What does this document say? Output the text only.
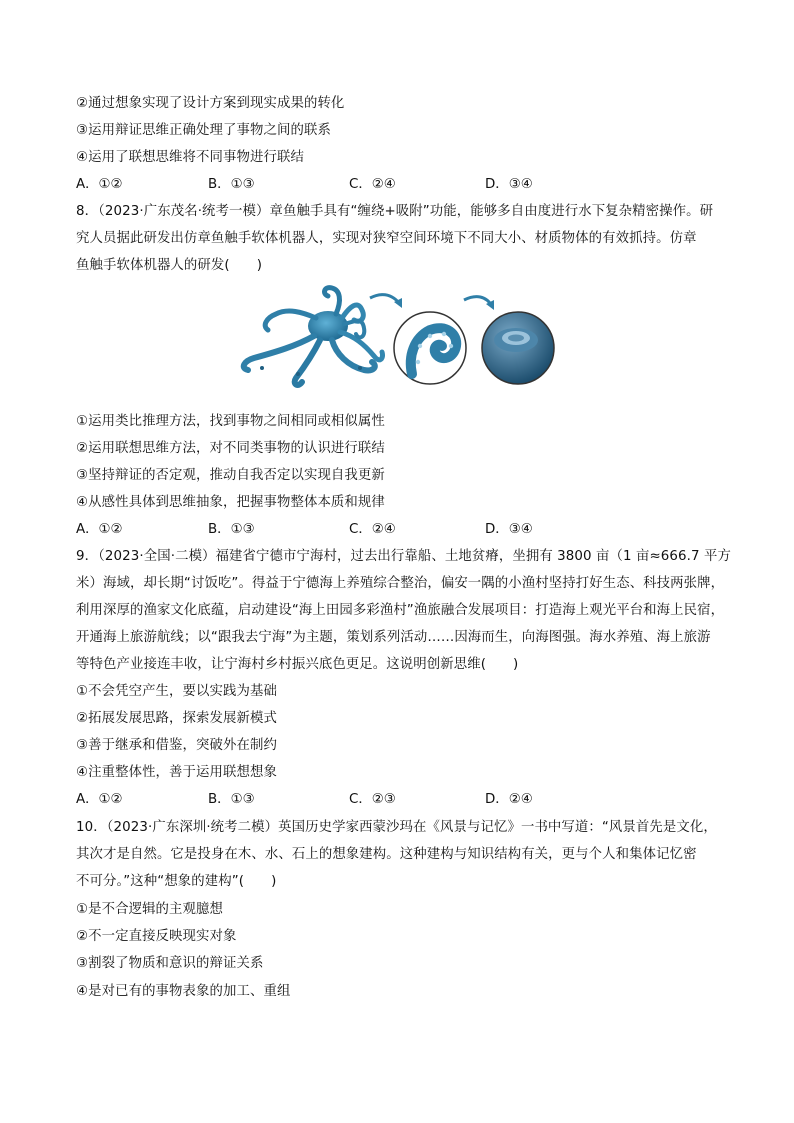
②通过想象实现了设计方案到现实成果的转化
③运用辩证思维正确处理了事物之间的联系
④运用了联想思维将不同事物进行联结
A．①②	B．①③	C．②④	D．③④
8．（2023·广东茂名·统考一模）章鱼触手具有“缠绕+吸附”功能，能够多自由度进行水下复杂精密操作。研
究人员据此研发出仿章鱼触手软体机器人，实现对狭窄空间环境下不同大小、材质物体的有效抓持。仿章
鱼触手软体机器人的研发(　　)
①运用类比推理方法，找到事物之间相同或相似属性
②运用联想思维方法，对不同类事物的认识进行联结
③坚持辩证的否定观，推动自我否定以实现自我更新
④从感性具体到思维抽象，把握事物整体本质和规律
A．①②	B．①③	C．②④	D．③④
9．（2023·全国·二模）福建省宁德市宁海村，过去出行靠船、土地贫瘠，坐拥有 3800 亩（1 亩≈666.7 平方
米）海域，却长期“讨饭吃”。得益于宁德海上养殖综合整治，偏安一隅的小渔村坚持打好生态、科技两张牌，
利用深厚的渔家文化底蕴，启动建设“海上田园多彩渔村”渔旅融合发展项目：打造海上观光平台和海上民宿，
开通海上旅游航线；以“跟我去宁海”为主题，策划系列活动……因海而生，向海图强。海水养殖、海上旅游
等特色产业接连丰收，让宁海村乡村振兴底色更足。这说明创新思维(　　)
①不会凭空产生，要以实践为基础
②拓展发展思路，探索发展新模式
③善于继承和借鉴，突破外在制约
④注重整体性，善于运用联想想象
A．①②	B．①③	C．②③	D．②④
10．（2023·广东深圳·统考二模）英国历史学家西蒙沙玛在《风景与记忆》一书中写道：“风景首先是文化，
其次才是自然。它是投身在木、水、石上的想象建构。这种建构与知识结构有关，更与个人和集体记忆密
不可分。”这种“想象的建构”(　　)
①是不合逻辑的主观臆想
②不一定直接反映现实对象
③割裂了物质和意识的辩证关系
④是对已有的事物表象的加工、重组
